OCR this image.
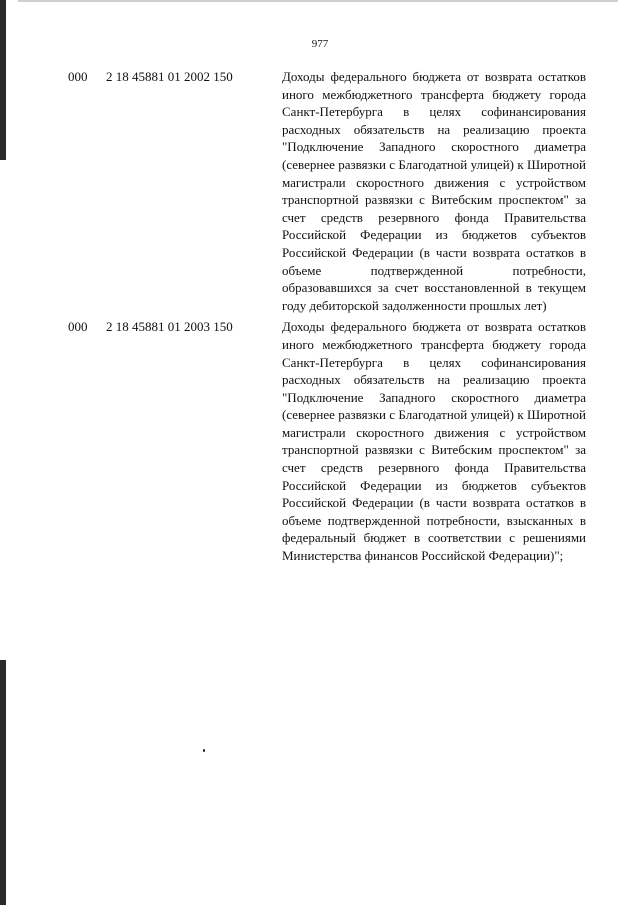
977
000	2 18 45881 01 2002 150	Доходы федерального бюджета от возврата остатков иного межбюджетного трансферта бюджету города Санкт-Петербурга в целях софинансирования расходных обязательств на реализацию проекта "Подключение Западного скоростного диаметра (севернее развязки с Благодатной улицей) к Широтной магистрали скоростного движения с устройством транспортной развязки с Витебским проспектом" за счет средств резервного фонда Правительства Российской Федерации из бюджетов субъектов Российской Федерации (в части возврата остатков в объеме подтвержденной потребности, образовавшихся за счет восстановленной в текущем году дебиторской задолженности прошлых лет)
000	2 18 45881 01 2003 150	Доходы федерального бюджета от возврата остатков иного межбюджетного трансферта бюджету города Санкт-Петербурга в целях софинансирования расходных обязательств на реализацию проекта "Подключение Западного скоростного диаметра (севернее развязки с Благодатной улицей) к Широтной магистрали скоростного движения с устройством транспортной развязки с Витебским проспектом" за счет средств резервного фонда Правительства Российской Федерации из бюджетов субъектов Российской Федерации (в части возврата остатков в объеме подтвержденной потребности, взысканных в федеральный бюджет в соответствии с решениями Министерства финансов Российской Федерации)";
